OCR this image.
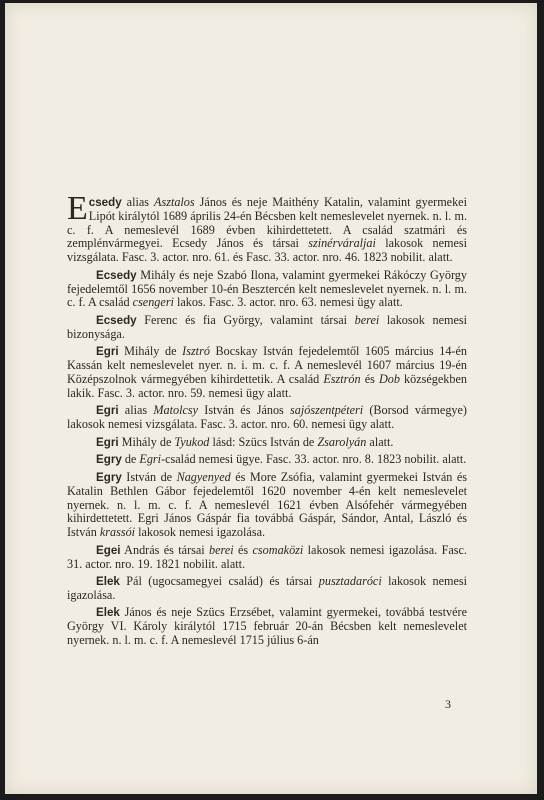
Ecsedy alias Asztalos János és neje Maithény Katalin, valamint gyermekei Lipót királytól 1689 április 24-én Bécsben kelt nemeslevelet nyernek. n. l. m. c. f. A nemeslevél 1689 évben kihirdettetett. A család szatmári és zemplénvármegyei. Ecsedy János és társai szinérváraljai lakosok nemesi vizsgálata. Fasc. 3. actor. nro. 61. és Fasc. 33. actor. nro. 46. 1823 nobilit. alatt.

Ecsedy Mihály és neje Szabó Ilona, valamint gyermekei Rákóczy György fejedelemtől 1656 november 10-én Besztercén kelt nemeslevelet nyernek. n. l. m. c. f. A család csengeri lakos. Fasc. 3. actor. nro. 63. nemesi ügy alatt.

Ecsedy Ferenc és fia György, valamint társai berei lakosok nemesi bizonysága.

Egri Mihály de Isztró Bocskay István fejedelemtől 1605 március 14-én Kassán kelt nemeslevelet nyer. n. i. m. c. f. A nemeslevél 1607 március 19-én Középszolnok vármegyében kihirdettetik. A család Esztrón és Dob községekben lakik. Fasc. 3. actor. nro. 59. nemesi ügy alatt.

Egri alias Matolcsy István és János sajószentpéteri (Borsod vármegye) lakosok nemesi vizsgálata. Fasc. 3. actor. nro. 60. nemesi ügy alatt.

Egri Mihály de Tyukod lásd: Szücs István de Zsarolyán alatt.

Egry de Egri-család nemesi ügye. Fasc. 33. actor. nro. 8. 1823 nobilit. alatt.

Egry István de Nagyenyed és More Zsófia, valamint gyermekei István és Katalin Bethlen Gábor fejedelemtől 1620 november 4-én kelt nemeslevelet nyernek. n. l. m. c. f. A nemeslevél 1621 évben Alsófehér vármegyében kihirdettetett. Egri János Gáspár fia továbbá Gáspár, Sándor, Antal, László és István krassói lakosok nemesi igazolása.

Egei András és társai berei és csomaközi lakosok nemesi igazolása. Fasc. 31. actor. nro. 19. 1821 nobilit. alatt.

Elek Pál (ugocsamegyei család) és társai pusztadaróci lakosok nemesi igazolása.

Elek János és neje Szücs Erzsébet, valamint gyermekei, továbbá testvére György VI. Károly királytól 1715 február 20-án Bécsben kelt nemeslevelet nyernek. n. l. m. c. f. A nemeslevél 1715 július 6-án

3
